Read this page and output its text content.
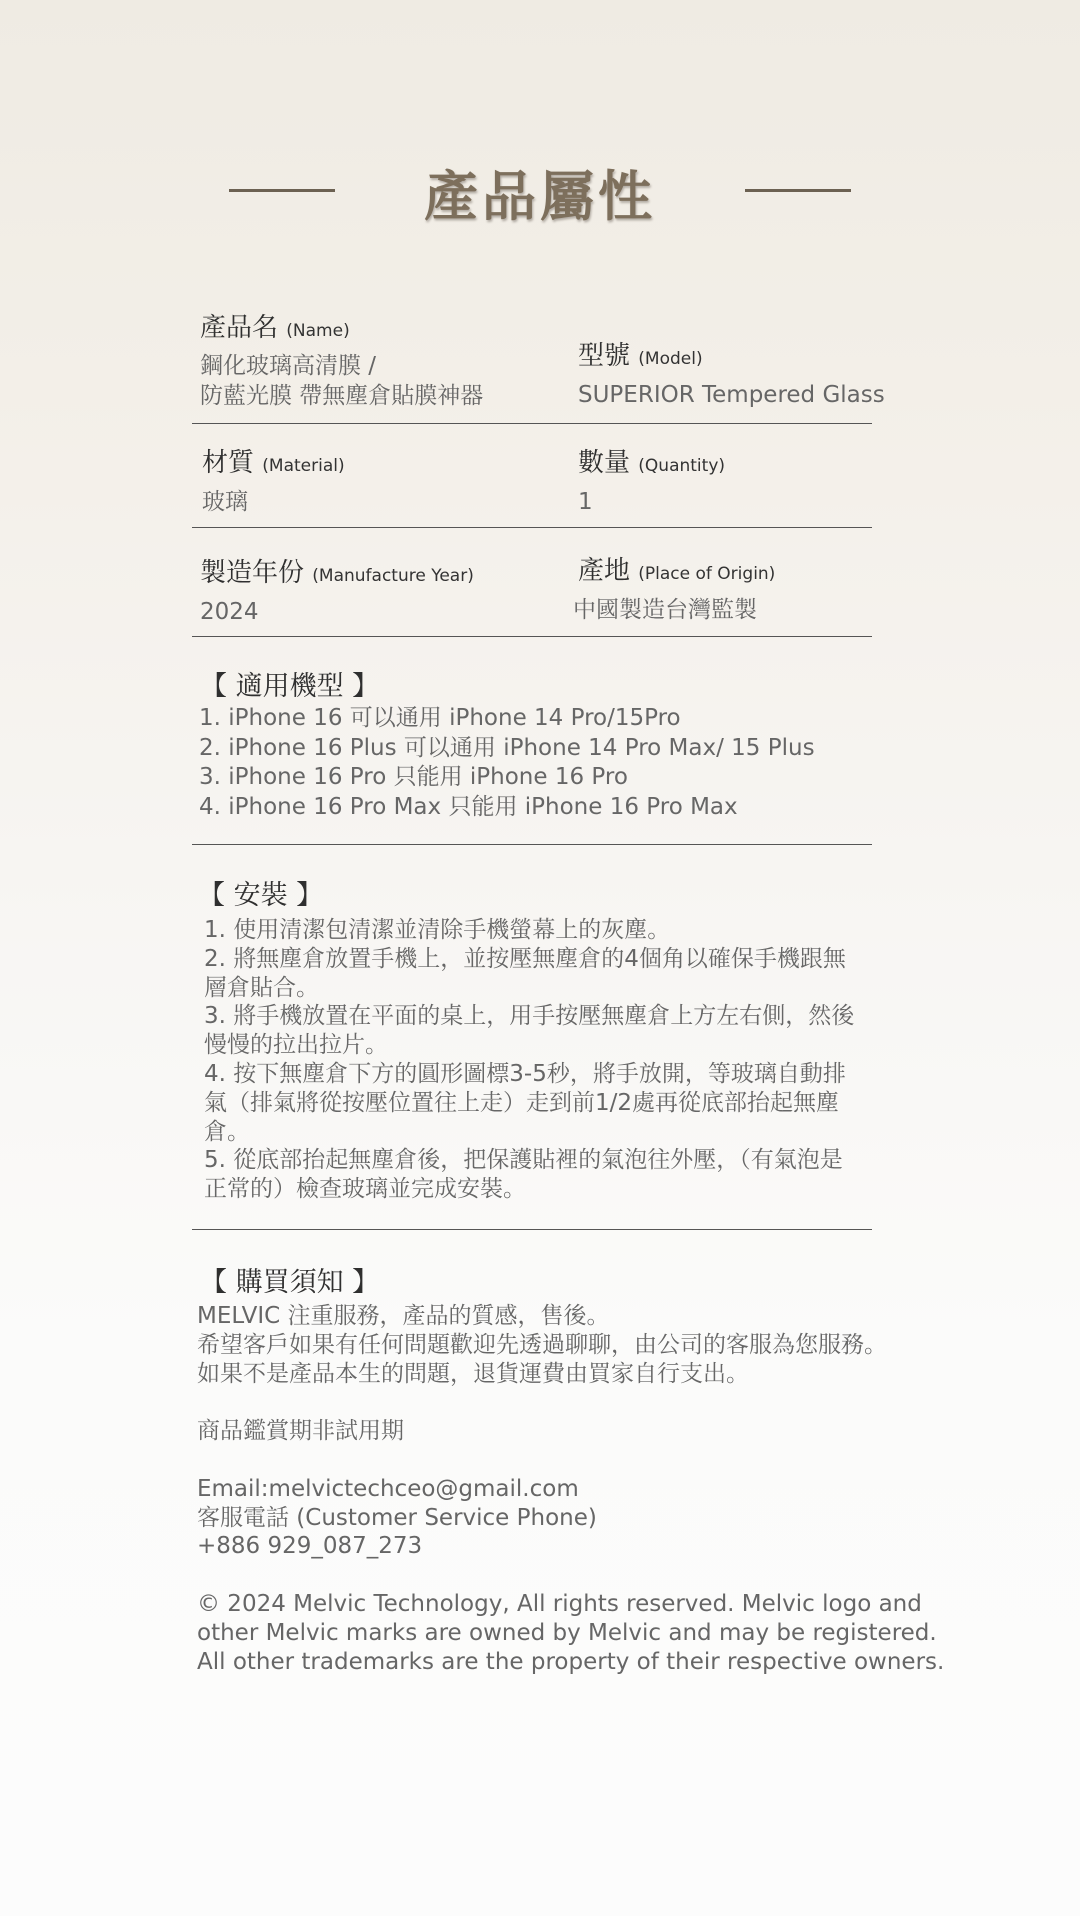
產品屬性
產品名 (Name)
鋼化玻璃高清膜 /
防藍光膜 帶無塵倉貼膜神器
型號 (Model)
SUPERIOR Tempered Glass
材質 (Material)
玻璃
數量 (Quantity)
1
製造年份 (Manufacture Year)
2024
產地 (Place of Origin)
中國製造台灣監製
【 適用機型 】
1. iPhone 16 可以通用 iPhone 14 Pro/15Pro
2. iPhone 16 Plus 可以通用 iPhone 14 Pro Max/ 15 Plus
3. iPhone 16 Pro 只能用 iPhone 16 Pro
4. iPhone 16 Pro Max 只能用 iPhone 16 Pro Max
【 安裝 】
1. 使用清潔包清潔並清除手機螢幕上的灰塵。
2. 將無塵倉放置手機上，並按壓無塵倉的4個角以確保手機跟無
層倉貼合。
3. 將手機放置在平面的桌上，用手按壓無塵倉上方左右側，然後
慢慢的拉出拉片。
4. 按下無塵倉下方的圓形圖標3-5秒，將手放開，等玻璃自動排
氣（排氣將從按壓位置往上走）走到前1/2處再從底部抬起無塵
倉。
5. 從底部抬起無塵倉後，把保護貼裡的氣泡往外壓，（有氣泡是
正常的）檢查玻璃並完成安裝。
【 購買須知 】
MELVIC 注重服務，產品的質感，售後。
希望客戶如果有任何問題歡迎先透過聊聊，由公司的客服為您服務。
如果不是產品本生的問題，退貨運費由買家自行支出。
商品鑑賞期非試用期
Email:melvictechceo@gmail.com
客服電話 (Customer Service Phone)
+886 929_087_273
© 2024 Melvic Technology, All rights reserved. Melvic logo and
other Melvic marks are owned by Melvic and may be registered.
All other trademarks are the property of their respective owners.
